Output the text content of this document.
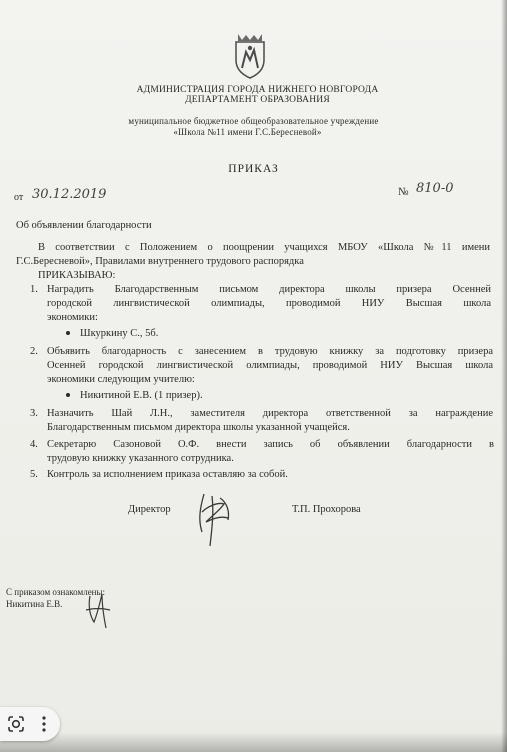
АДМИНИСТРАЦИЯ ГОРОДА НИЖНЕГО НОВГОРОДА
ДЕПАРТАМЕНТ ОБРАЗОВАНИЯ
муниципальное бюджетное общеобразовательное учреждение
«Школа №11 имени Г.С.Бересневой»
ПРИКАЗ
от 30.12.2019	№ 810-0
Об объявлении благодарности
В соответствии с Положением о поощрении учащихся МБОУ «Школа №11 имени
Г.С.Бересневой», Правилами внутреннего трудового распорядка
ПРИКАЗЫВАЮ:
1. Наградить Благодарственным письмом директора школы призера Осенней
городской лингвистической олимпиады, проводимой НИУ Высшая школа
экономики:
Шкуркину С., 5б.
2. Объявить благодарность с занесением в трудовую книжку за подготовку призера
Осенней городской лингвистической олимпиады, проводимой НИУ Высшая школа
экономики следующим учителю:
Никитиной Е.В. (1 призер).
3. Назначить Шай Л.Н., заместителя директора ответственной за награждение
Благодарственным письмом директора школы указанной учащейся.
4. Секретарю Сазоновой О.Ф. внести запись об объявлении благодарности в
трудовую книжку указанного сотрудника.
5. Контроль за исполнением приказа оставляю за собой.
Директор	Т.П. Прохорова
С приказом ознакомлены:
Никитина Е.В.
